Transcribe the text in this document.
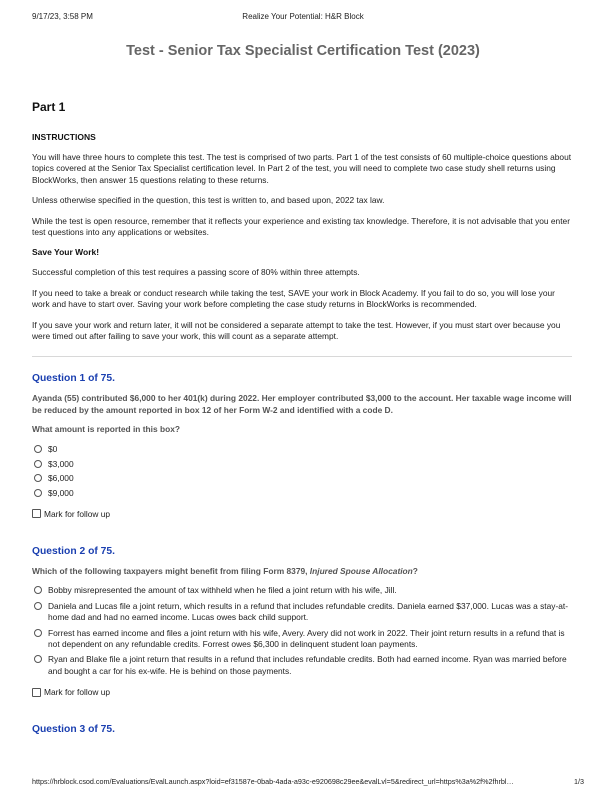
9/17/23, 3:58 PM	Realize Your Potential: H&R Block
Test - Senior Tax Specialist Certification Test (2023)
Part 1
INSTRUCTIONS

You will have three hours to complete this test. The test is comprised of two parts. Part 1 of the test consists of 60 multiple-choice questions about topics covered at the Senior Tax Specialist certification level. In Part 2 of the test, you will need to complete two case study shell returns using BlockWorks, then answer 15 questions relating to these returns.

Unless otherwise specified in the question, this test is written to, and based upon, 2022 tax law.

While the test is open resource, remember that it reflects your experience and existing tax knowledge. Therefore, it is not advisable that you enter test questions into any applications or websites.

Save Your Work!

Successful completion of this test requires a passing score of 80% within three attempts.

If you need to take a break or conduct research while taking the test, SAVE your work in Block Academy. If you fail to do so, you will lose your work and have to start over. Saving your work before completing the case study returns in BlockWorks is recommended.

If you save your work and return later, it will not be considered a separate attempt to take the test. However, if you must start over because you were timed out after failing to save your work, this will count as a separate attempt.

Question 1 of 75.

Ayanda (55) contributed $6,000 to her 401(k) during 2022. Her employer contributed $3,000 to the account. Her taxable wage income will be reduced by the amount reported in box 12 of her Form W-2 and identified with a code D.

What amount is reported in this box?
$0
$3,000
$6,000
$9,000
Mark for follow up
Question 2 of 75.

Which of the following taxpayers might benefit from filing Form 8379, Injured Spouse Allocation?

Bobby misrepresented the amount of tax withheld when he filed a joint return with his wife, Jill.
Daniela and Lucas file a joint return, which results in a refund that includes refundable credits. Daniela earned $37,000. Lucas was a stay-at-home dad and had no earned income. Lucas owes back child support.
Forrest has earned income and files a joint return with his wife, Avery. Avery did not work in 2022. Their joint return results in a refund that is not dependent on any refundable credits. Forrest owes $6,300 in delinquent student loan payments.
Ryan and Blake file a joint return that results in a refund that includes refundable credits. Both had earned income. Ryan was married before and bought a car for his ex-wife. He is behind on those payments.
Mark for follow up
Question 3 of 75.
https://hrblock.csod.com/Evaluations/EvalLaunch.aspx?loid=ef31587e-0bab-4ada-a93c-e920698c29ee&evalLvl=5&redirect_url=https%3a%2f%2fhrbl…	1/3
